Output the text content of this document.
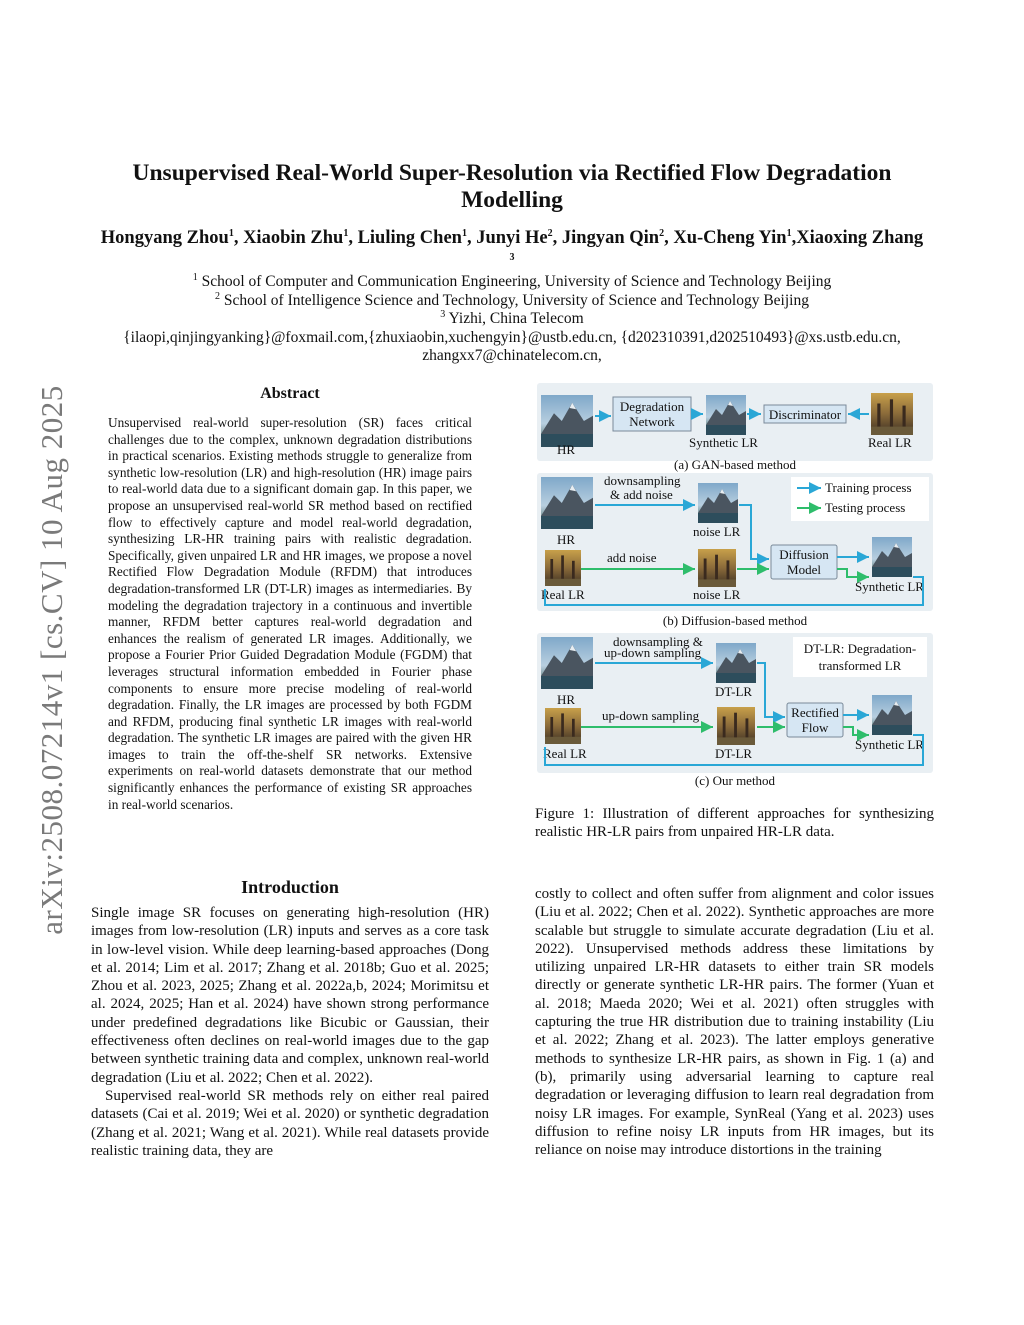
arXiv:2508.07214v1 [cs.CV] 10 Aug 2025
Unsupervised Real-World Super-Resolution via Rectified Flow Degradation Modelling
Hongyang Zhou$^1$, Xiaobin Zhu$^1$, Liuling Chen$^1$, Junyi He$^2$, Jingyan Qin$^2$, Xu-Cheng Yin$^1$,Xiaoxing Zhang $^3$
$^1$ School of Computer and Communication Engineering, University of Science and Technology Beijing
$^2$ School of Intelligence Science and Technology, University of Science and Technology Beijing
$^3$ Yizhi, China Telecom
{ilaopi,qinjingyanking}@foxmail.com,{zhuxiaobin,xuchengyin}@ustb.edu.cn, {d202310391,d202510493}@xs.ustb.edu.cn,
zhangxx7@chinatelecom.cn,
Abstract
Unsupervised real-world super-resolution (SR) faces critical challenges due to the complex, unknown degradation distributions in practical scenarios. Existing methods struggle to generalize from synthetic low-resolution (LR) and high-resolution (HR) image pairs to real-world data due to a significant domain gap. In this paper, we propose an unsupervised real-world SR method based on rectified flow to effectively capture and model real-world degradation, synthesizing LR-HR training pairs with realistic degradation. Specifically, given unpaired LR and HR images, we propose a novel Rectified Flow Degradation Module (RFDM) that introduces degradation-transformed LR (DT-LR) images as intermediaries. By modeling the degradation trajectory in a continuous and invertible manner, RFDM better captures real-world degradation and enhances the realism of generated LR images. Additionally, we propose a Fourier Prior Guided Degradation Module (FGDM) that leverages structural information embedded in Fourier phase components to ensure more precise modeling of real-world degradation. Finally, the LR images are processed by both FGDM and RFDM, producing final synthetic LR images with real-world degradation. The synthetic LR images are paired with the given HR images to train the off-the-shelf SR networks. Extensive experiments on real-world datasets demonstrate that our method significantly enhances the performance of existing SR approaches in real-world scenarios.
Introduction

Single image SR focuses on generating high-resolution (HR) images from low-resolution (LR) inputs and serves as a core task in low-level vision. While deep learning-based approaches (Dong et al. 2014; Lim et al. 2017; Zhang et al. 2018b; Guo et al. 2025; Zhou et al. 2023, 2025; Zhang et al. 2022a,b, 2024; Morimitsu et al. 2024, 2025; Han et al. 2024) have shown strong performance under predefined degradations like Bicubic or Gaussian, their effectiveness often declines on real-world images due to the gap between synthetic training data and complex, unknown real-world degradation (Liu et al. 2022; Chen et al. 2022).

Supervised real-world SR methods rely on either real paired datasets (Cai et al. 2019; Wei et al. 2020) or synthetic degradation (Zhang et al. 2021; Wang et al. 2021). While real datasets provide realistic training data, they are

costly to collect and often suffer from alignment and color issues (Liu et al. 2022; Chen et al. 2022). Synthetic approaches are more scalable but struggle to simulate accurate degradation (Liu et al. 2022). Unsupervised methods address these limitations by utilizing unpaired LR-HR datasets to either train SR models directly or generate synthetic LR-HR pairs. The former (Yuan et al. 2018; Maeda 2020; Wei et al. 2021) often struggles with capturing the true HR distribution due to training instability (Liu et al. 2022; Zhang et al. 2023). The latter employs generative methods to synthesize LR-HR pairs, as shown in Fig. 1 (a) and (b), primarily using adversarial learning to capture real degradation or leveraging diffusion to learn real degradation from noisy LR images. For example, SynReal (Yang et al. 2023) uses diffusion to refine noisy LR inputs from HR images, but its reliance on noise may introduce distortions in the training

HR
Degradation
Network
Synthetic LR
Discriminator
Real LR
(a) GAN-based method
HR
downsampling
& add noise
noise LR
Real LR
add noise
noise LR
Diffusion
Model
Synthetic LR
Training process
Testing process
(b) Diffusion-based method
HR
downsampling &
up-down sampling
DT-LR
Real LR
up-down sampling
DT-LR
Rectified
Flow
Synthetic LR
DT-LR: Degradation-
transformed LR
(c) Our method
Figure 1: Illustration of different approaches for synthesizing realistic HR-LR pairs from unpaired HR-LR data.
